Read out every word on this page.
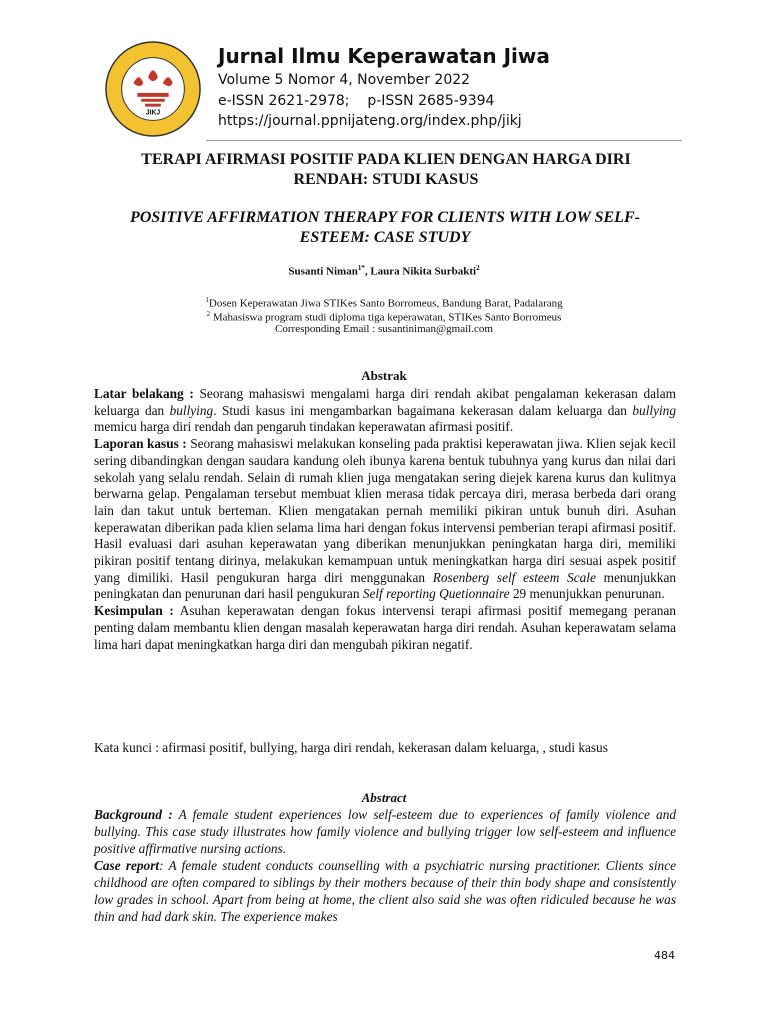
JIKJ
Jurnal Ilmu Keperawatan Jiwa
Volume 5 Nomor 4, November 2022
e-ISSN 2621-2978; p-ISSN 2685-9394
https://journal.ppnijateng.org/index.php/jikj
TERAPI AFIRMASI POSITIF PADA KLIEN DENGAN HARGA DIRI
RENDAH: STUDI KASUS
POSITIVE AFFIRMATION THERAPY FOR CLIENTS WITH LOW SELF-
ESTEEM: CASE STUDY
Susanti Niman$^{1*}$, Laura Nikita Surbakti$^2$
$^1$Dosen Keperawatan Jiwa STIKes Santo Borromeus, Bandung Barat, Padalarang
$^2$ Mahasiswa program studi diploma tiga keperawatan, STIKes Santo Borromeus
Corresponding Email : susantiniman@gmail.com
Abstrak

Latar belakang : Seorang mahasiswi mengalami harga diri rendah akibat pengalaman kekerasan dalam keluarga dan bullying. Studi kasus ini mengambarkan bagaimana kekerasan dalam keluarga dan bullying memicu harga diri rendah dan pengaruh tindakan keperawatan afirmasi positif.

Laporan kasus : Seorang mahasiswi melakukan konseling pada praktisi keperawatan jiwa. Klien sejak kecil sering dibandingkan dengan saudara kandung oleh ibunya karena bentuk tubuhnya yang kurus dan nilai dari sekolah yang selalu rendah. Selain di rumah klien juga mengatakan sering diejek karena kurus dan kulitnya berwarna gelap. Pengalaman tersebut membuat klien merasa tidak percaya diri, merasa berbeda dari orang lain dan takut untuk berteman. Klien mengatakan pernah memiliki pikiran untuk bunuh diri. Asuhan keperawatan diberikan pada klien selama lima hari dengan fokus intervensi pemberian terapi afirmasi positif. Hasil evaluasi dari asuhan keperawatan yang diberikan menunjukkan peningkatan harga diri, memiliki pikiran positif tentang dirinya, melakukan kemampuan untuk meningkatkan harga diri sesuai aspek positif yang dimiliki. Hasil pengukuran harga diri menggunakan Rosenberg self esteem Scale menunjukkan peningkatan dan penurunan dari hasil pengukuran Self reporting Quetionnaire 29 menunjukkan penurunan.

Kesimpulan : Asuhan keperawatan dengan fokus intervensi terapi afirmasi positif memegang peranan penting dalam membantu klien dengan masalah keperawatan harga diri rendah. Asuhan keperawatam selama lima hari dapat meningkatkan harga diri dan mengubah pikiran negatif.

Kata kunci : afirmasi positif, bullying, harga diri rendah, kekerasan dalam keluarga, , studi kasus
Abstract

Background : A female student experiences low self-esteem due to experiences of family violence and bullying. This case study illustrates how family violence and bullying trigger low self-esteem and influence positive affirmative nursing actions.

Case report: A female student conducts counselling with a psychiatric nursing practitioner. Clients since childhood are often compared to siblings by their mothers because of their thin body shape and consistently low grades in school. Apart from being at home, the client also said she was often ridiculed because he was thin and had dark skin. The experience makes

484
